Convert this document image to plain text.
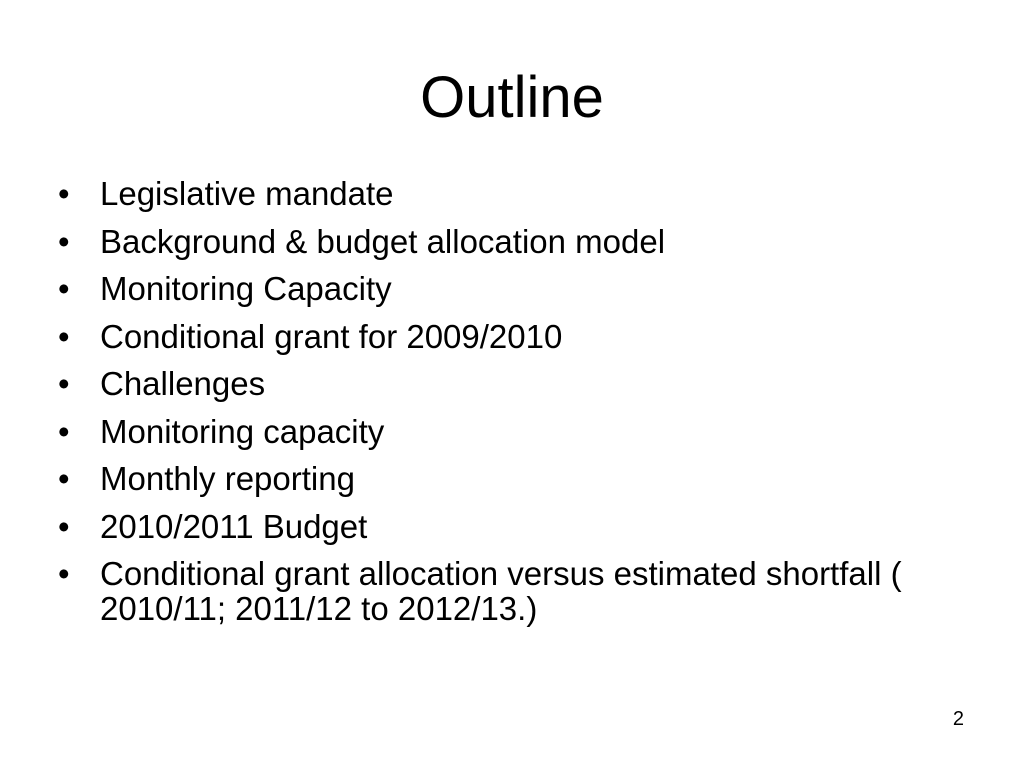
Outline
• Legislative mandate
• Background & budget allocation model
• Monitoring Capacity
• Conditional grant for 2009/2010
• Challenges
• Monitoring capacity
• Monthly reporting
• 2010/2011 Budget
• Conditional grant allocation versus estimated shortfall ( 2010/11; 2011/12 to 2012/13.)
2
